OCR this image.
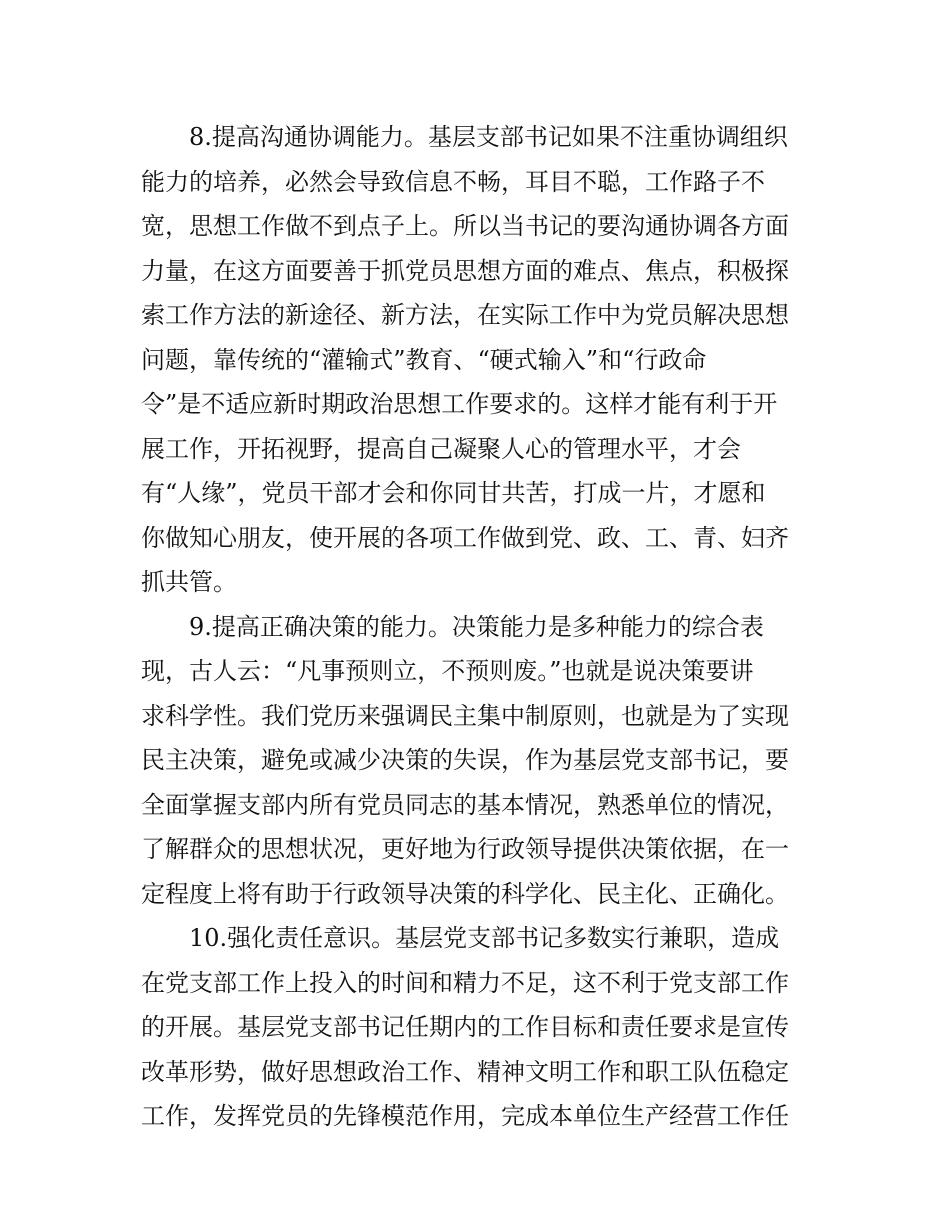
8.提高沟通协调能力。基层支部书记如果不注重协调组织
能力的培养，必然会导致信息不畅，耳目不聪，工作路子不
宽，思想工作做不到点子上。所以当书记的要沟通协调各方面
力量，在这方面要善于抓党员思想方面的难点、焦点，积极探
索工作方法的新途径、新方法，在实际工作中为党员解决思想
问题，靠传统的“灌输式”教育、“硬式输入”和“行政命
令”是不适应新时期政治思想工作要求的。这样才能有利于开
展工作，开拓视野，提高自己凝聚人心的管理水平，才会
有“人缘”，党员干部才会和你同甘共苦，打成一片，才愿和
你做知心朋友，使开展的各项工作做到党、政、工、青、妇齐
抓共管。
9.提高正确决策的能力。决策能力是多种能力的综合表
现，古人云：“凡事预则立，不预则废。”也就是说决策要讲
求科学性。我们党历来强调民主集中制原则，也就是为了实现
民主决策，避免或减少决策的失误，作为基层党支部书记，要
全面掌握支部内所有党员同志的基本情况，熟悉单位的情况，
了解群众的思想状况，更好地为行政领导提供决策依据，在一
定程度上将有助于行政领导决策的科学化、民主化、正确化。
10.强化责任意识。基层党支部书记多数实行兼职，造成
在党支部工作上投入的时间和精力不足，这不利于党支部工作
的开展。基层党支部书记任期内的工作目标和责任要求是宣传
改革形势，做好思想政治工作、精神文明工作和职工队伍稳定
工作，发挥党员的先锋模范作用，完成本单位生产经营工作任
